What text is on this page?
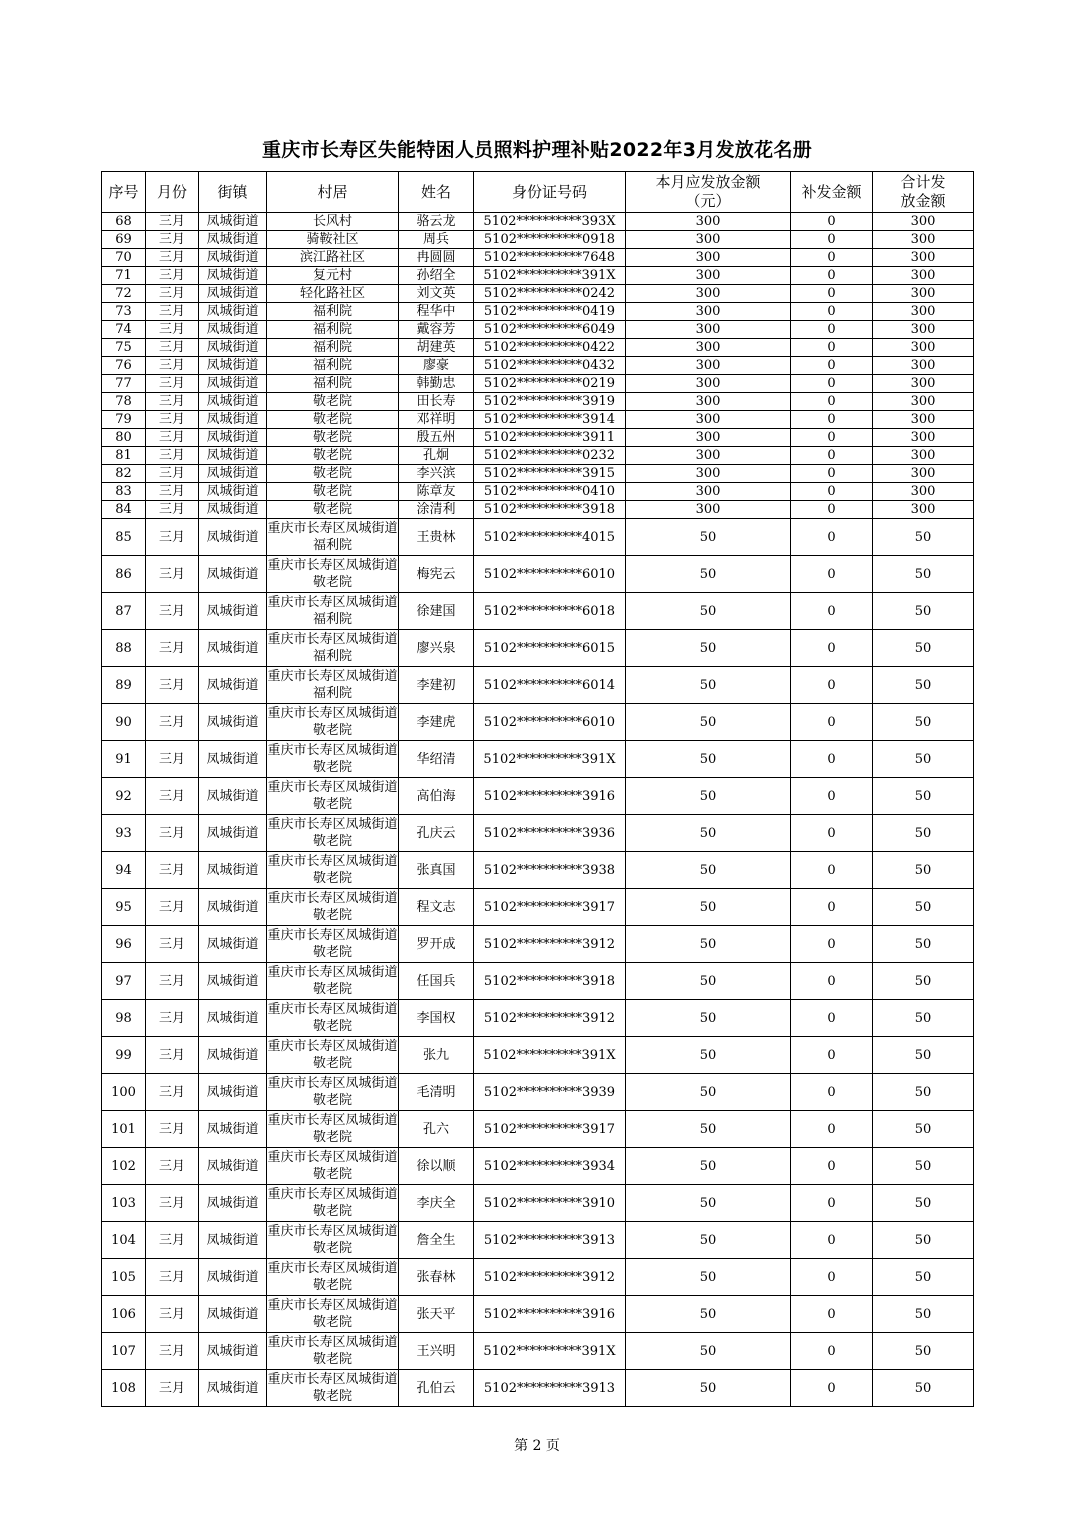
重庆市长寿区失能特困人员照料护理补贴2022年3月发放花名册
序号	月份	街镇	村居	姓名	身份证号码	本月应发放金额（元）	补发金额	合计发放金额

68	三月	凤城街道	长风村	骆云龙	5102**********393X	300	0	300
69	三月	凤城街道	骑鞍社区	周兵	5102**********0918	300	0	300
70	三月	凤城街道	滨江路社区	冉圆圆	5102**********7648	300	0	300
71	三月	凤城街道	复元村	孙绍全	5102**********391X	300	0	300
72	三月	凤城街道	轻化路社区	刘文英	5102**********0242	300	0	300
73	三月	凤城街道	福利院	程华中	5102**********0419	300	0	300
74	三月	凤城街道	福利院	戴容芳	5102**********6049	300	0	300
75	三月	凤城街道	福利院	胡建英	5102**********0422	300	0	300
76	三月	凤城街道	福利院	廖豪	5102**********0432	300	0	300
77	三月	凤城街道	福利院	韩勤忠	5102**********0219	300	0	300
78	三月	凤城街道	敬老院	田长寿	5102**********3919	300	0	300
79	三月	凤城街道	敬老院	邓祥明	5102**********3914	300	0	300
80	三月	凤城街道	敬老院	殷五州	5102**********3911	300	0	300
81	三月	凤城街道	敬老院	孔炯	5102**********0232	300	0	300
82	三月	凤城街道	敬老院	李兴滨	5102**********3915	300	0	300
83	三月	凤城街道	敬老院	陈章友	5102**********0410	300	0	300
84	三月	凤城街道	敬老院	涂清利	5102**********3918	300	0	300
85	三月	凤城街道	重庆市长寿区凤城街道福利院	王贵林	5102**********4015	50	0	50
86	三月	凤城街道	重庆市长寿区凤城街道敬老院	梅宪云	5102**********6010	50	0	50
87	三月	凤城街道	重庆市长寿区凤城街道福利院	徐建国	5102**********6018	50	0	50
88	三月	凤城街道	重庆市长寿区凤城街道福利院	廖兴泉	5102**********6015	50	0	50
89	三月	凤城街道	重庆市长寿区凤城街道福利院	李建初	5102**********6014	50	0	50
90	三月	凤城街道	重庆市长寿区凤城街道敬老院	李建虎	5102**********6010	50	0	50
91	三月	凤城街道	重庆市长寿区凤城街道敬老院	华绍清	5102**********391X	50	0	50
92	三月	凤城街道	重庆市长寿区凤城街道敬老院	高伯海	5102**********3916	50	0	50
93	三月	凤城街道	重庆市长寿区凤城街道敬老院	孔庆云	5102**********3936	50	0	50
94	三月	凤城街道	重庆市长寿区凤城街道敬老院	张真国	5102**********3938	50	0	50
95	三月	凤城街道	重庆市长寿区凤城街道敬老院	程文志	5102**********3917	50	0	50
96	三月	凤城街道	重庆市长寿区凤城街道敬老院	罗开成	5102**********3912	50	0	50
97	三月	凤城街道	重庆市长寿区凤城街道敬老院	任国兵	5102**********3918	50	0	50
98	三月	凤城街道	重庆市长寿区凤城街道敬老院	李国权	5102**********3912	50	0	50
99	三月	凤城街道	重庆市长寿区凤城街道敬老院	张九	5102**********391X	50	0	50
100	三月	凤城街道	重庆市长寿区凤城街道敬老院	毛清明	5102**********3939	50	0	50
101	三月	凤城街道	重庆市长寿区凤城街道敬老院	孔六	5102**********3917	50	0	50
102	三月	凤城街道	重庆市长寿区凤城街道敬老院	徐以顺	5102**********3934	50	0	50
103	三月	凤城街道	重庆市长寿区凤城街道敬老院	李庆全	5102**********3910	50	0	50
104	三月	凤城街道	重庆市长寿区凤城街道敬老院	詹全生	5102**********3913	50	0	50
105	三月	凤城街道	重庆市长寿区凤城街道敬老院	张春林	5102**********3912	50	0	50
106	三月	凤城街道	重庆市长寿区凤城街道敬老院	张天平	5102**********3916	50	0	50
107	三月	凤城街道	重庆市长寿区凤城街道敬老院	王兴明	5102**********391X	50	0	50
108	三月	凤城街道	重庆市长寿区凤城街道敬老院	孔伯云	5102**********3913	50	0	50
第 2 页
